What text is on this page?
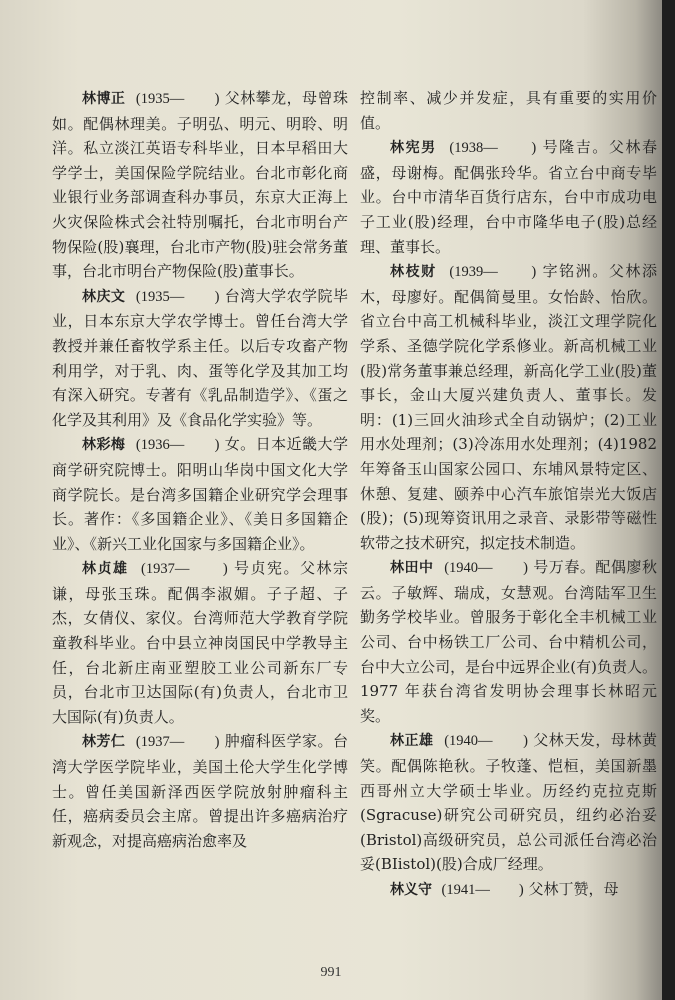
林博正 (1935—　　) 父林攀龙，母曾珠如。配偶林理美。子明弘、明元、明聆、明洋。私立淡江英语专科毕业，日本早稻田大学学士，美国保险学院结业。台北市彰化商业银行业务部调查科办事员，东京大正海上火灾保险株式会社特別嘱托，台北市明台产物保险(股)襄理，台北市产物(股)驻会常务董事，台北市明台产物保险(股)董事长。

林庆文 (1935—　　) 台湾大学农学院毕业，日本东京大学农学博士。曾任台湾大学教授并兼任畜牧学系主任。以后专攻畜产物利用学，对于乳、肉、蛋等化学及其加工均有深入研究。专著有《乳品制造学》、《蛋之化学及其利用》及《食品化学实验》等。

林彩梅 (1936—　　) 女。日本近畿大学商学研究院博士。阳明山华岗中国文化大学商学院长。是台湾多国籍企业研究学会理事长。著作：《多国籍企业》、《美日多国籍企业》、《新兴工业化国家与多国籍企业》。

林贞雄 (1937—　　) 号贞宪。父林宗谦，母张玉珠。配偶李淑媚。子子超、子杰，女倩仪、家仪。台湾师范大学教育学院童教科毕业。台中县立神岗国民中学教导主任，台北新庄南亚塑胶工业公司新东厂专员，台北市卫达国际(有)负责人，台北市卫大国际(有)负责人。

林芳仁 (1937—　　) 肿瘤科医学家。台湾大学医学院毕业，美国土伦大学生化学博士。曾任美国新泽西医学院放射肿瘤科主任，癌病委员会主席。曾提出许多癌病治疗新观念，对提高癌病治愈率及

控制率、减少并发症，具有重要的实用价值。

林宪男 (1938—　　) 号隆吉。父林春盛，母谢梅。配偶张玲华。省立台中商专毕业。台中市清华百货行店东，台中市成功电子工业(股)经理，台中市隆华电子(股)总经理、董事长。

林枝财 (1939—　　) 字铭洲。父林添木，母廖好。配偶简曼里。女怡龄、怡欣。省立台中高工机械科毕业，淡江文理学院化学系、圣德学院化学系修业。新高机械工业(股)常务董事兼总经理，新高化学工业(股)董事长，金山大厦兴建负责人、董事长。发明：(1)三回火油珍式全自动锅炉；(2)工业用水处理剂；(3)冷冻用水处理剂；(4)1982 年筹备玉山国家公园口、东埔风景特定区、休憩、复建、颐养中心汽车旅馆崇光大饭店(股)；(5)现筹资讯用之录音、录影带等磁性软带之技术研究，拟定技术制造。

林田中 (1940—　　) 号万春。配偶廖秋云。子敏辉、瑞成，女慧观。台湾陆军卫生勤务学校毕业。曾服务于彰化全丰机械工业公司、台中杨铁工厂公司、台中精机公司，台中大立公司，是台中远界企业(有)负责人。1977 年获台湾省发明协会理事长林昭元奖。

林正雄 (1940—　　) 父林天发，母林黄笑。配偶陈艳秋。子牧蓬、恺桓，美国新墨西哥州立大学硕士毕业。历经约克拉克斯(Sgracuse)研究公司研究员，纽约必治妥(Bristol)高级研究员，总公司派任台湾必治妥(BIistol)(股)合成厂经理。

林义守 (1941—　　) 父林丁赞，母

991
